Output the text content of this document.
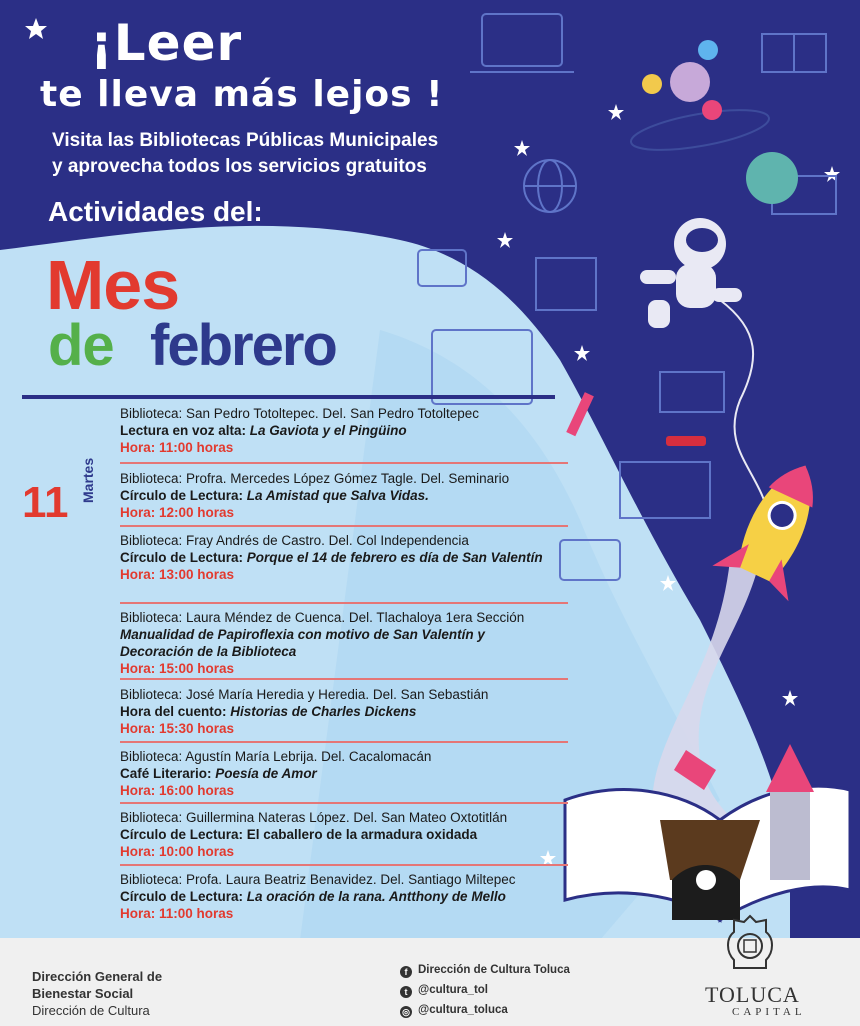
¡Leer
te lleva más lejos !
Visita las Bibliotecas Públicas Municipales
y aprovecha todos los servicios gratuitos
Actividades del:
Mes
de febrero
11 Martes
Biblioteca: San Pedro Totoltepec. Del. San Pedro Totoltepec
Lectura en voz alta: La Gaviota y el Pingüino
Hora: 11:00 horas
Biblioteca: Profra. Mercedes López Gómez Tagle. Del. Seminario
Círculo de Lectura: La Amistad que Salva Vidas.
Hora: 12:00 horas
Biblioteca: Fray Andrés de Castro. Del. Col Independencia
Círculo de Lectura: Porque el 14 de febrero es día de San Valentín
Hora: 13:00 horas
Biblioteca: Laura Méndez de Cuenca. Del. Tlachaloya 1era Sección
Manualidad de Papiroflexia con motivo de San Valentín y Decoración de la Biblioteca
Hora: 15:00 horas
Biblioteca: José María Heredia y Heredia. Del. San Sebastián
Hora del cuento: Historias de Charles Dickens
Hora: 15:30 horas
Biblioteca: Agustín María Lebrija. Del. Cacalomacán
Café Literario: Poesía de Amor
Hora: 16:00 horas
Biblioteca: Guillermina Nateras López. Del. San Mateo Oxtotitlán
Círculo de Lectura: El caballero de la armadura oxidada
Hora: 10:00 horas
Biblioteca: Profa. Laura Beatriz Benavidez. Del. Santiago Miltepec
Círculo de Lectura: La oración de la rana. Antthony de Mello
Hora: 11:00 horas
Dirección General de
Bienestar Social
Dirección de Cultura
f Dirección de Cultura Toluca
t @cultura_tol
◎ @cultura_toluca
TOLUCA
CAPITAL
